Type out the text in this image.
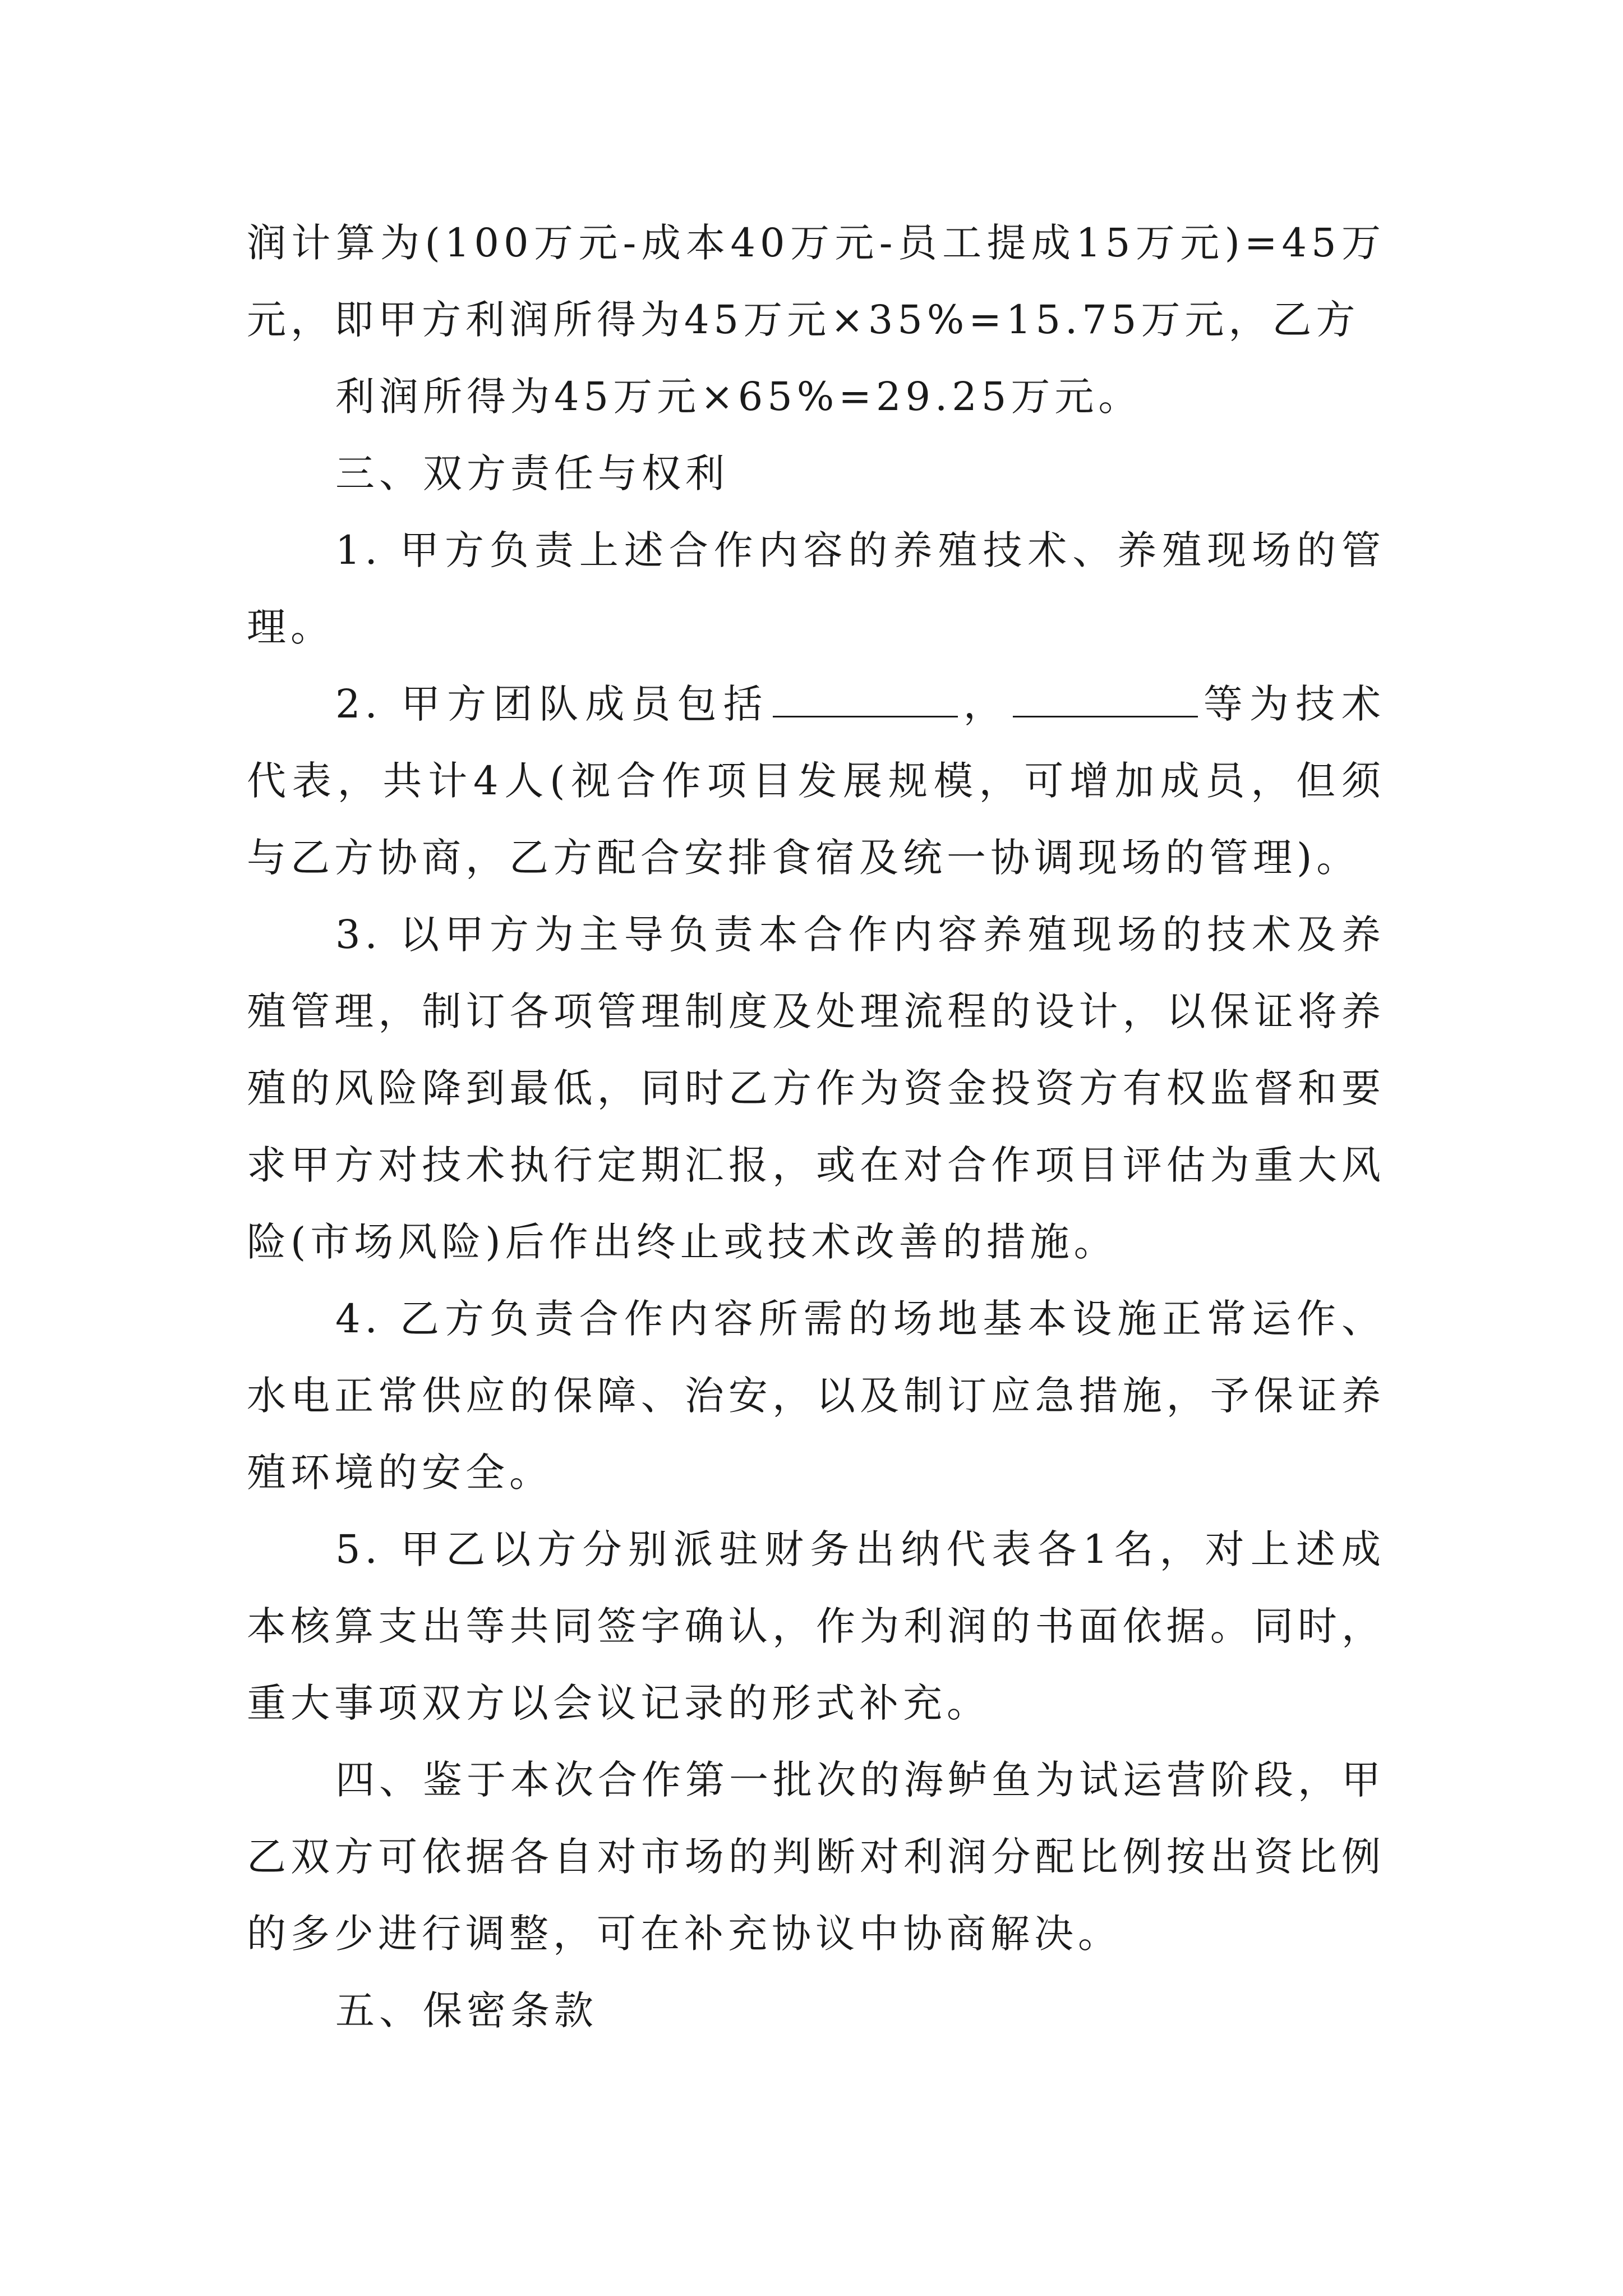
润计算为(100万元-成本40万元-员工提成15万元)=45万元，即甲方利润所得为45万元×35%=15.75万元，乙方

利润所得为45万元×65%=29.25万元。

三、双方责任与权利

1. 甲方负责上述合作内容的养殖技术、养殖现场的管理。

2. 甲方团队成员包括	，	等为技术代表，共计4人(视合作项目发展规模，可增加成员，但须与乙方协商，乙方配合安排食宿及统一协调现场的管理)。

3. 以甲方为主导负责本合作内容养殖现场的技术及养殖管理，制订各项管理制度及处理流程的设计，以保证将养殖的风险降到最低，同时乙方作为资金投资方有权监督和要求甲方对技术执行定期汇报，或在对合作项目评估为重大风险(市场风险)后作出终止或技术改善的措施。

4. 乙方负责合作内容所需的场地基本设施正常运作、水电正常供应的保障、治安，以及制订应急措施，予保证养殖环境的安全。

5. 甲乙以方分别派驻财务出纳代表各1名，对上述成本核算支出等共同签字确认，作为利润的书面依据。同时，重大事项双方以会议记录的形式补充。

四、鉴于本次合作第一批次的海鲈鱼为试运营阶段，甲乙双方可依据各自对市场的判断对利润分配比例按出资比例的多少进行调整，可在补充协议中协商解决。

五、保密条款
